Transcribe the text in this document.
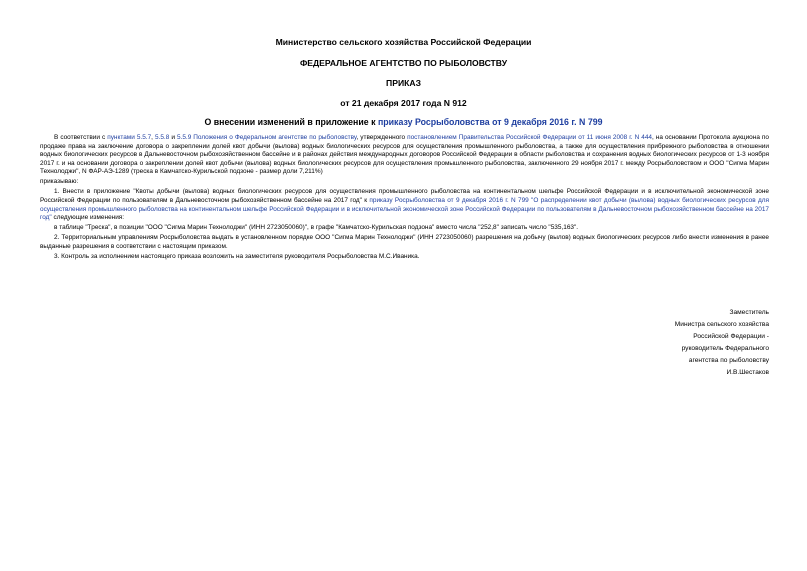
Министерство сельского хозяйства Российской Федерации
ФЕДЕРАЛЬНОЕ АГЕНТСТВО ПО РЫБОЛОВСТВУ
ПРИКАЗ
от 21 декабря 2017 года N 912
О внесении изменений в приложение к приказу Росрыболовства от 9 декабря 2016 г. N 799

В соответствии с пунктами 5.5.7, 5.5.8 и 5.5.9 Положения о Федеральном агентстве по рыболовству, утвержденного постановлением Правительства Российской Федерации от 11 июня 2008 г. N 444, на основании Протокола аукциона по продаже права на заключение договора о закреплении долей квот добычи (вылова) водных биологических ресурсов для осуществления промышленного рыболовства, а также для осуществления прибрежного рыболовства в отношении водных биологических ресурсов в Дальневосточном рыбохозяйственном бассейне и в районах действия международных договоров Российской Федерации в области рыболовства и сохранения водных биологических ресурсов от 1-3 ноября 2017 г. и на основании договора о закреплении долей квот добычи (вылова) водных биологических ресурсов для осуществления промышленного рыболовства, заключенного 29 ноября 2017 г. между Росрыболовством и ООО "Сигма Марин Технолоджи", N ФАР-АЭ-1289 (треска в Камчатско-Курильской подзоне - размер доли 7,211%)

приказываю:

1. Внести в приложение "Квоты добычи (вылова) водных биологических ресурсов для осуществления промышленного рыболовства на континентальном шельфе Российской Федерации и в исключительной экономической зоне Российской Федерации по пользователям в Дальневосточном рыбохозяйственном бассейне на 2017 год" к приказу Росрыболовства от 9 декабря 2016 г. N 799 "О распределении квот добычи (вылова) водных биологических ресурсов для осуществления промышленного рыболовства на континентальном шельфе Российской Федерации и в исключительной экономической зоне Российской Федерации по пользователям в Дальневосточном рыбохозяйственном бассейне на 2017 год" следующие изменения:

в таблице "Треска", в позиции "ООО "Сигма Марин Технолоджи" (ИНН 2723050060)", в графе "Камчатско-Курильская подзона" вместо числа "252,8" записать число "535,163".

2. Территориальным управлениям Росрыболовства выдать в установленном порядке ООО "Сигма Марин Технолоджи" (ИНН 2723050060) разрешения на добычу (вылов) водных биологических ресурсов либо внести изменения в ранее выданные разрешения в соответствии с настоящим приказом.

3. Контроль за исполнением настоящего приказа возложить на заместителя руководителя Росрыболовства М.С.Иваника.

Заместитель
Министра сельского хозяйства
Российской Федерации -
руководитель Федерального
агентства по рыболовству
И.В.Шестаков
